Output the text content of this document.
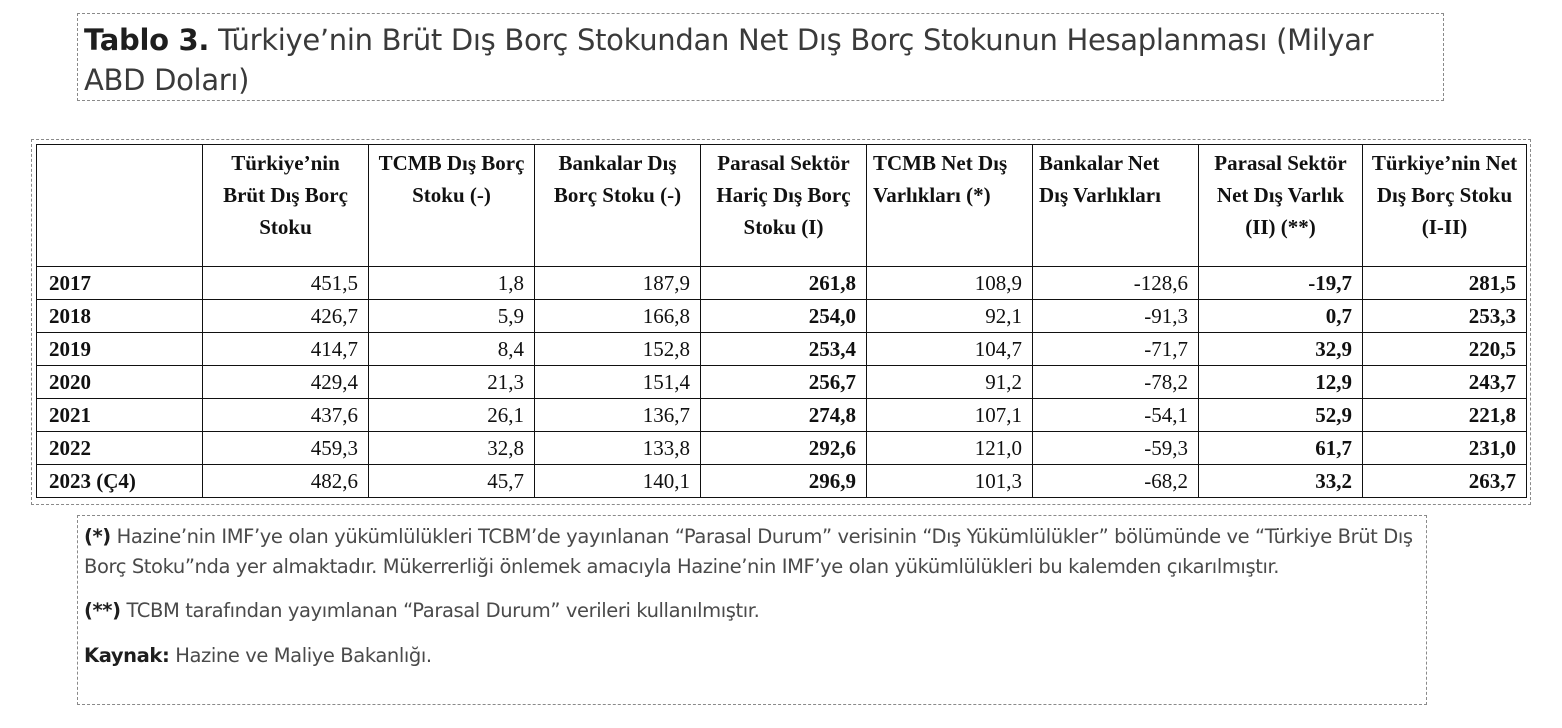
Tablo 3. Türkiye’nin Brüt Dış Borç Stokundan Net Dış Borç Stokunun Hesaplanması (Milyar ABD Doları)
	Türkiye’nin Brüt Dış Borç Stoku	TCMB Dış Borç Stoku (-)	Bankalar Dış Borç Stoku (-)	Parasal Sektör Hariç Dış Borç Stoku (I)	TCMB Net Dış Varlıkları (*)	Bankalar Net Dış Varlıkları	Parasal Sektör Net Dış Varlık (II) (**)	Türkiye’nin Net Dış Borç Stoku (I-II)
2017	451,5	1,8	187,9	261,8	108,9	-128,6	-19,7	281,5
2018	426,7	5,9	166,8	254,0	92,1	-91,3	0,7	253,3
2019	414,7	8,4	152,8	253,4	104,7	-71,7	32,9	220,5
2020	429,4	21,3	151,4	256,7	91,2	-78,2	12,9	243,7
2021	437,6	26,1	136,7	274,8	107,1	-54,1	52,9	221,8
2022	459,3	32,8	133,8	292,6	121,0	-59,3	61,7	231,0
2023 (Ç4)	482,6	45,7	140,1	296,9	101,3	-68,2	33,2	263,7

(*) Hazine’nin IMF’ye olan yükümlülükleri TCBM’de yayınlanan “Parasal Durum” verisinin “Dış Yükümlülükler” bölümünde ve “Türkiye Brüt Dış Borç Stoku”nda yer almaktadır. Mükerrerliği önlemek amacıyla Hazine’nin IMF’ye olan yükümlülükleri bu kalemden çıkarılmıştır.

(**) TCBM tarafından yayımlanan “Parasal Durum” verileri kullanılmıştır.

Kaynak: Hazine ve Maliye Bakanlığı.
